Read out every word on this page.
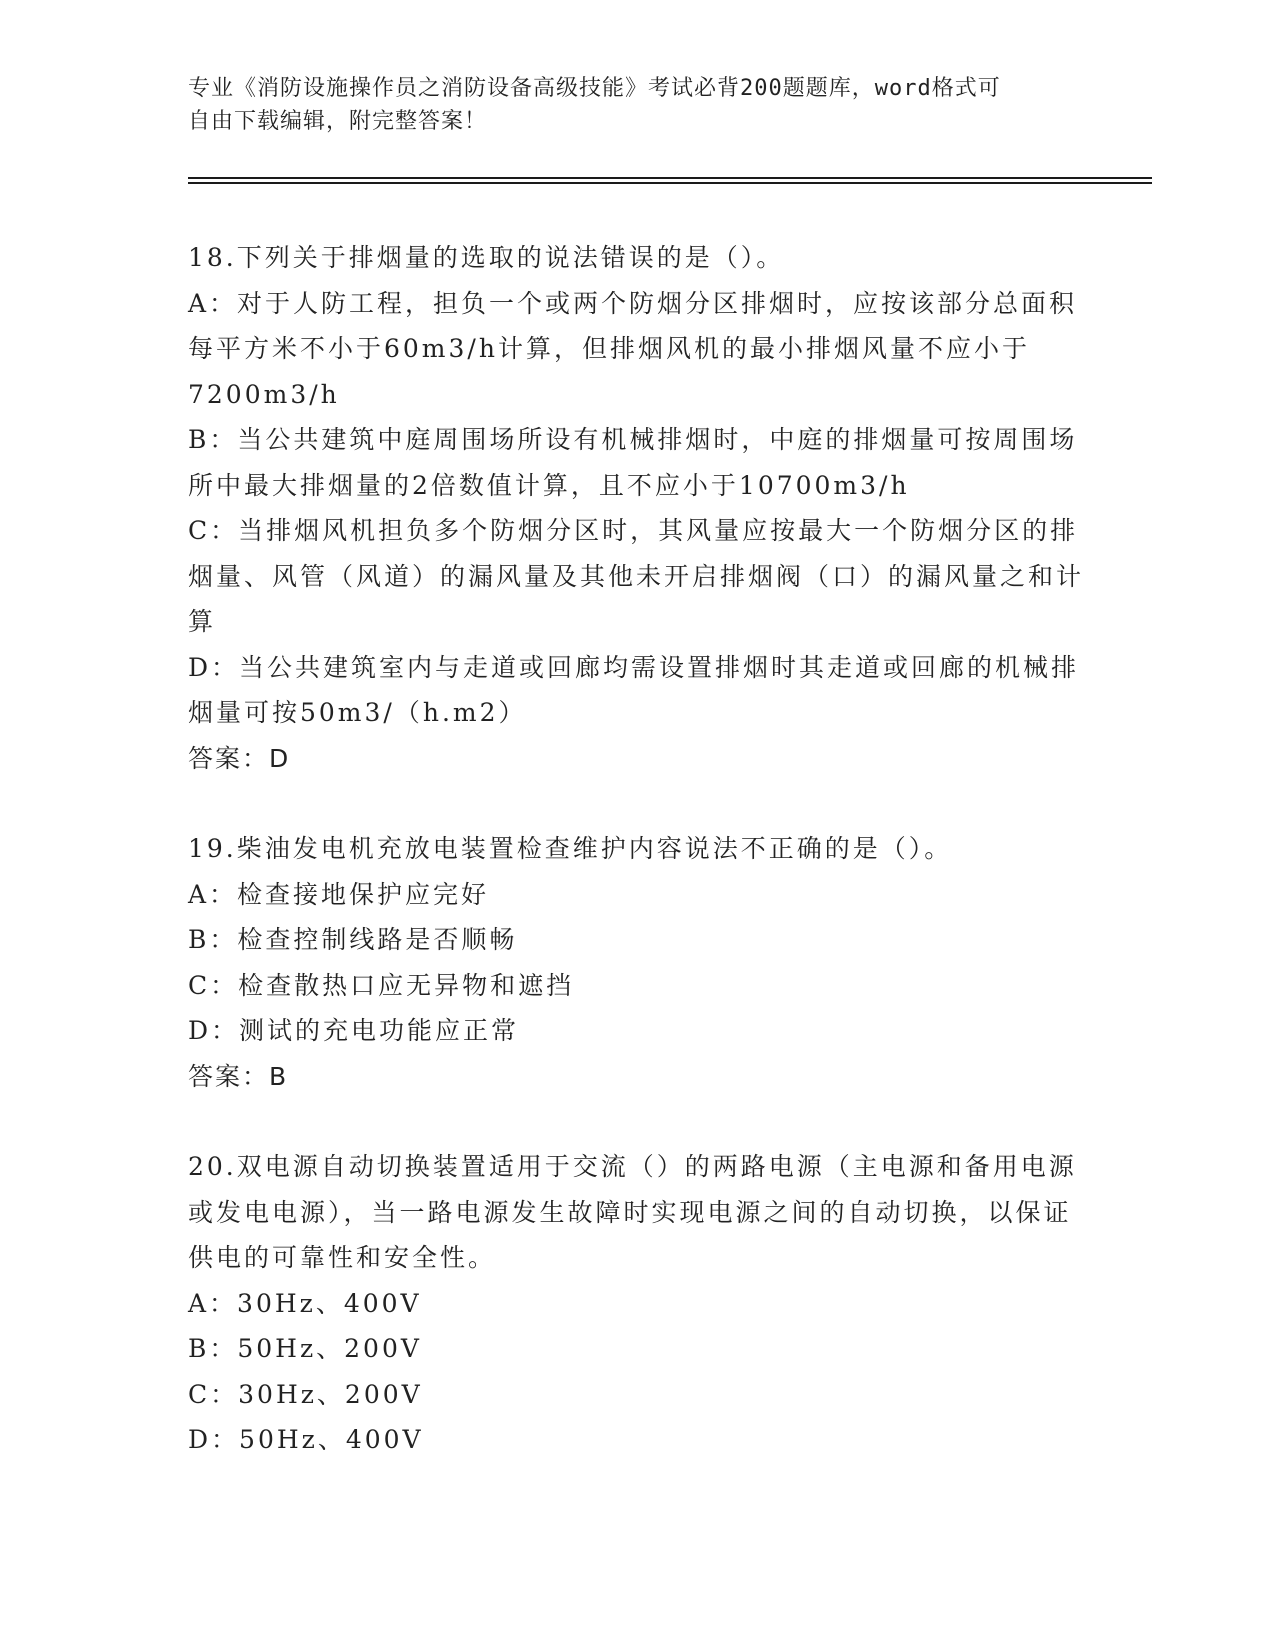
专业《消防设施操作员之消防设备高级技能》考试必背200题题库，word格式可
自由下载编辑，附完整答案！

18.下列关于排烟量的选取的说法错误的是（）。

A：对于人防工程，担负一个或两个防烟分区排烟时，应按该部分总面积每平方米不小于60m3/h计算，但排烟风机的最小排烟风量不应小于7200m3/h

B：当公共建筑中庭周围场所设有机械排烟时，中庭的排烟量可按周围场所中最大排烟量的2倍数值计算，且不应小于10700m3/h

C：当排烟风机担负多个防烟分区时，其风量应按最大一个防烟分区的排烟量、风管（风道）的漏风量及其他未开启排烟阀（口）的漏风量之和计算

D：当公共建筑室内与走道或回廊均需设置排烟时其走道或回廊的机械排烟量可按50m3/（h.m2）

答案：D

19.柴油发电机充放电装置检查维护内容说法不正确的是（）。

A：检查接地保护应完好

B：检查控制线路是否顺畅

C：检查散热口应无异物和遮挡

D：测试的充电功能应正常

答案：B

20.双电源自动切换装置适用于交流（）的两路电源（主电源和备用电源或发电电源），当一路电源发生故障时实现电源之间的自动切换，以保证供电的可靠性和安全性。

A：30Hz、400V

B：50Hz、200V

C：30Hz、200V

D：50Hz、400V
